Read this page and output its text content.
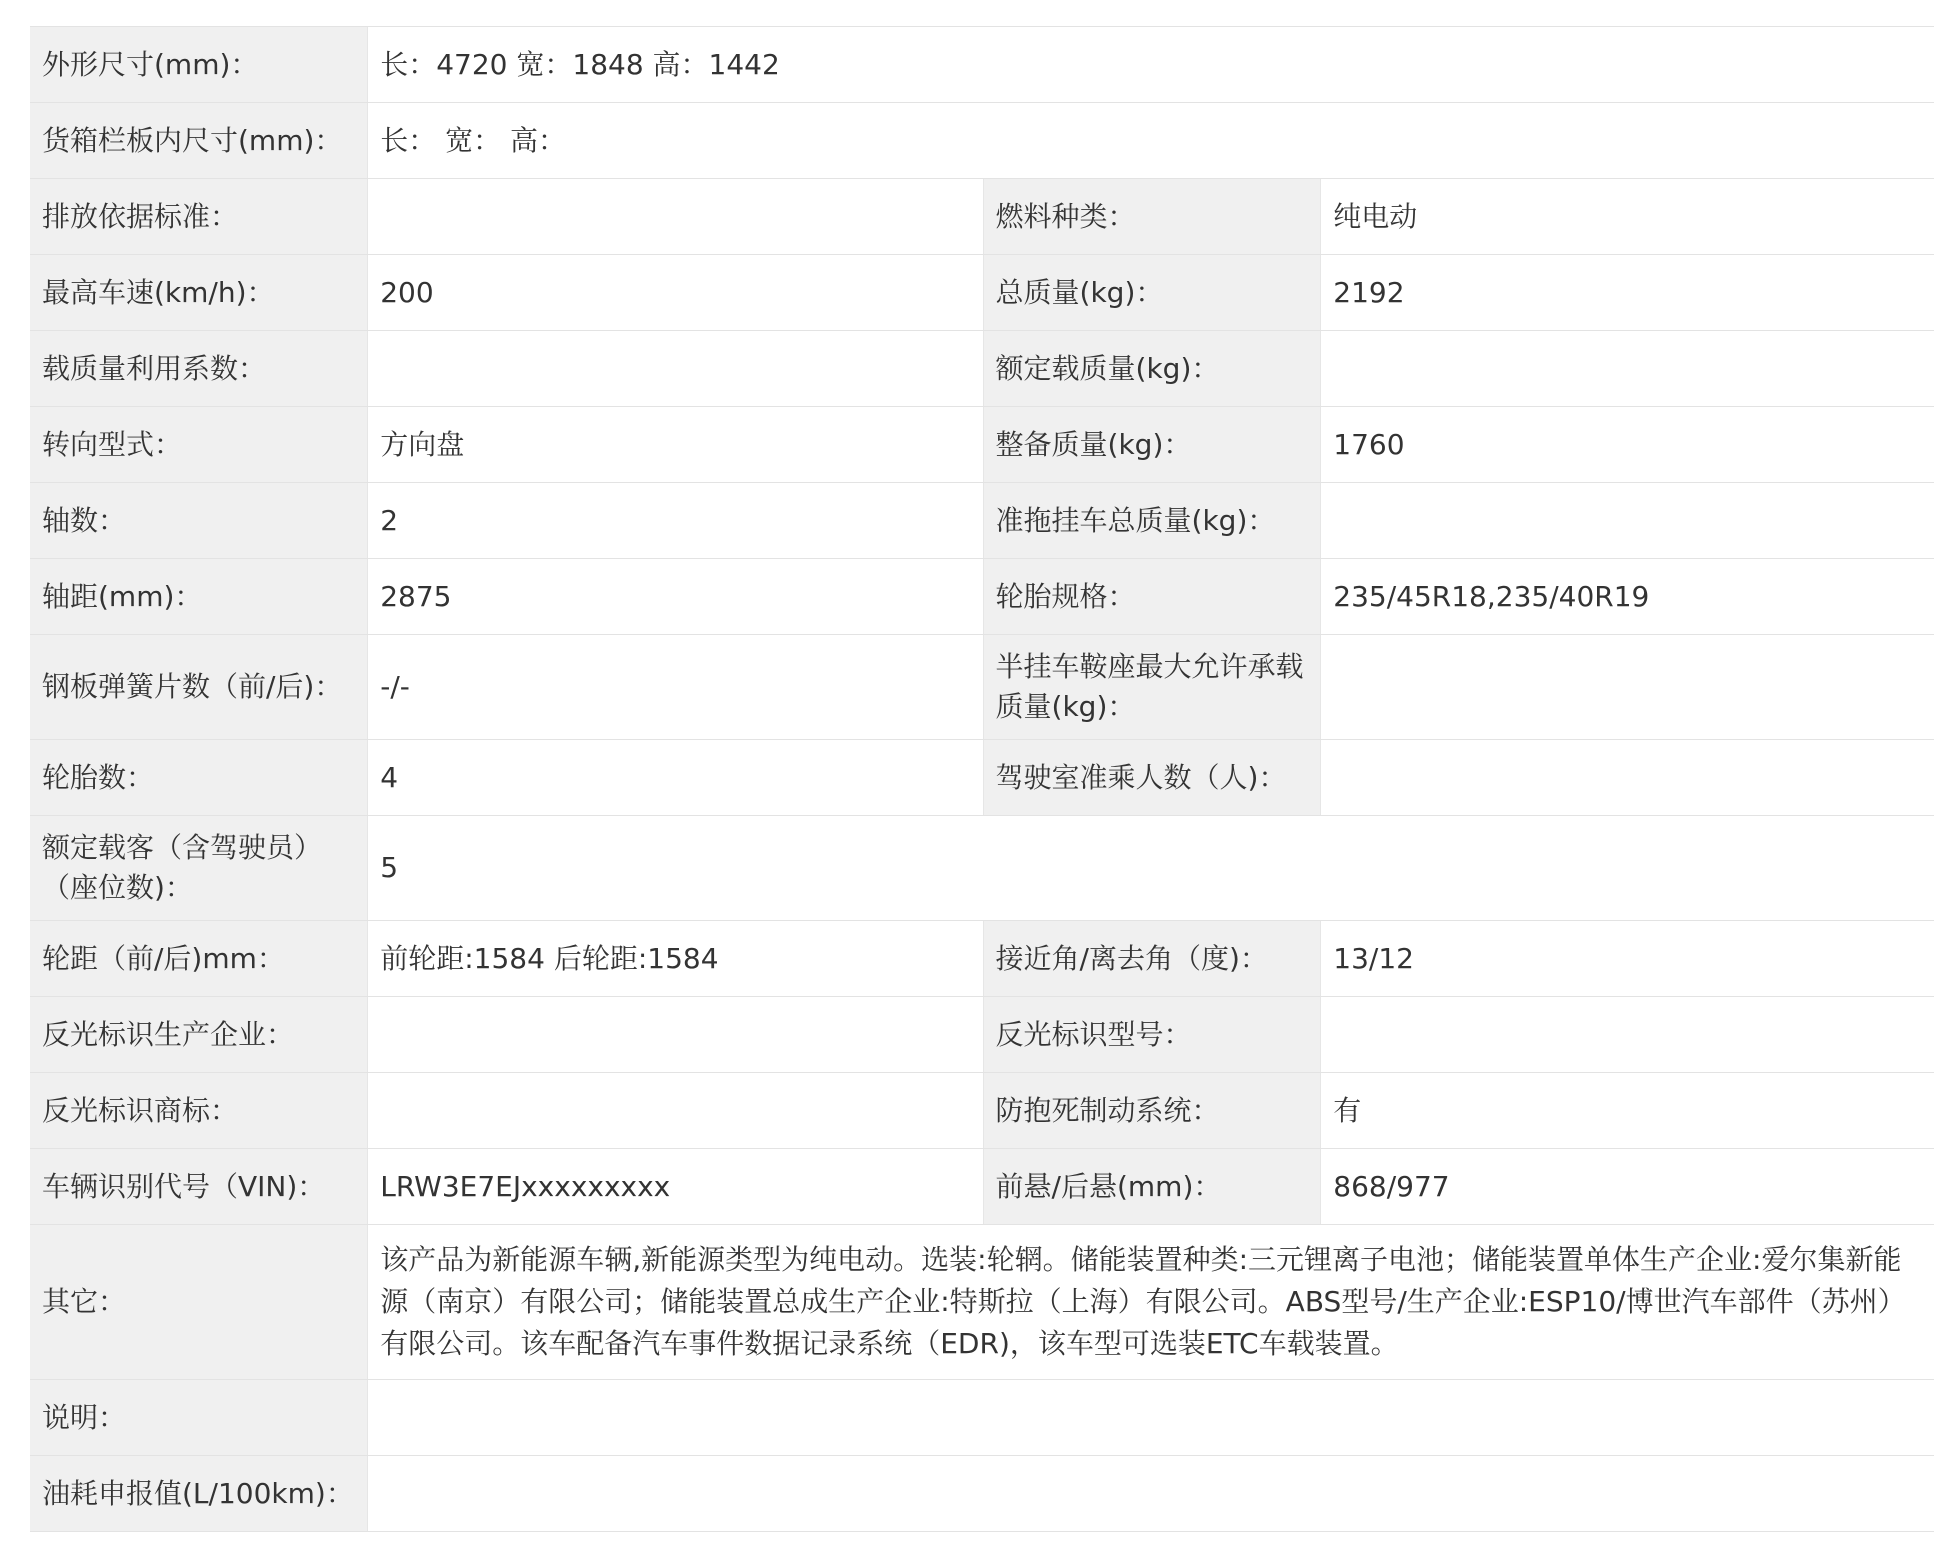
外形尺寸(mm)：	长：4720 宽：1848 高：1442		
货箱栏板内尺寸(mm)：	长： 宽： 高：		
排放依据标准：		燃料种类：	纯电动
最高车速(km/h)：	200	总质量(kg)：	2192
载质量利用系数：		额定载质量(kg)：	
转向型式：	方向盘	整备质量(kg)：	1760
轴数：	2	准拖挂车总质量(kg)：	
轴距(mm)：	2875	轮胎规格：	235/45R18,235/40R19
钢板弹簧片数（前/后)：	-/-	半挂车鞍座最大允许承载质量(kg)：	
轮胎数：	4	驾驶室准乘人数（人)：	
额定载客（含驾驶员）（座位数)：	5		
轮距（前/后)mm：	前轮距:1584 后轮距:1584	接近角/离去角（度)：	13/12
反光标识生产企业：		反光标识型号：	
反光标识商标：		防抱死制动系统：	有
车辆识别代号（VIN)：	LRW3E7EJxxxxxxxxx	前悬/后悬(mm)：	868/977
其它：	该产品为新能源车辆,新能源类型为纯电动。选装:轮辋。储能装置种类:三元锂离子电池；储能装置单体生产企业:爱尔集新能源（南京）有限公司；储能装置总成生产企业:特斯拉（上海）有限公司。ABS型号/生产企业:ESP10/博世汽车部件（苏州）有限公司。该车配备汽车事件数据记录系统（EDR)，该车型可选装ETC车载装置。		
说明：			
油耗申报值(L/100km)：			
